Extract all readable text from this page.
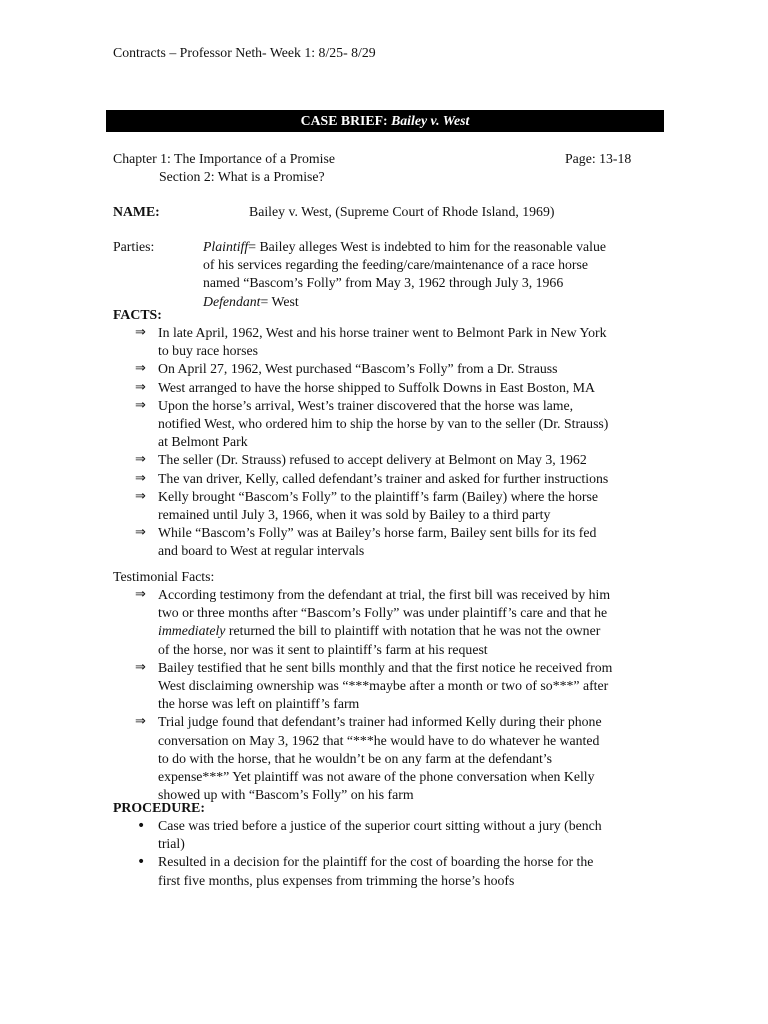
Contracts – Professor Neth- Week 1: 8/25- 8/29
CASE BRIEF: Bailey v. West
Chapter 1: The Importance of a Promise	Page: 13-18
Section 2: What is a Promise?
NAME:	Bailey v. West, (Supreme Court of Rhode Island, 1969)
Parties:	Plaintiff= Bailey alleges West is indebted to him for the reasonable value
of his services regarding the feeding/care/maintenance of a race horse
named “Bascom’s Folly” from May 3, 1962 through July 3, 1966
Defendant= West
FACTS:
⇒ In late April, 1962, West and his horse trainer went to Belmont Park in New York
to buy race horses
⇒ On April 27, 1962, West purchased “Bascom’s Folly” from a Dr. Strauss
⇒ West arranged to have the horse shipped to Suffolk Downs in East Boston, MA
⇒ Upon the horse’s arrival, West’s trainer discovered that the horse was lame,
notified West, who ordered him to ship the horse by van to the seller (Dr. Strauss)
at Belmont Park
⇒ The seller (Dr. Strauss) refused to accept delivery at Belmont on May 3, 1962
⇒ The van driver, Kelly, called defendant’s trainer and asked for further instructions
⇒ Kelly brought “Bascom’s Folly” to the plaintiff’s farm (Bailey) where the horse
remained until July 3, 1966, when it was sold by Bailey to a third party
⇒ While “Bascom’s Folly” was at Bailey’s horse farm, Bailey sent bills for its fed
and board to West at regular intervals
Testimonial Facts:
⇒ According testimony from the defendant at trial, the first bill was received by him
two or three months after “Bascom’s Folly” was under plaintiff’s care and that he
immediately returned the bill to plaintiff with notation that he was not the owner
of the horse, nor was it sent to plaintiff’s farm at his request
⇒ Bailey testified that he sent bills monthly and that the first notice he received from
West disclaiming ownership was “***maybe after a month or two of so***” after
the horse was left on plaintiff’s farm
⇒ Trial judge found that defendant’s trainer had informed Kelly during their phone
conversation on May 3, 1962 that “***he would have to do whatever he wanted
to do with the horse, that he wouldn’t be on any farm at the defendant’s
expense***” Yet plaintiff was not aware of the phone conversation when Kelly
showed up with “Bascom’s Folly” on his farm
PROCEDURE:
• Case was tried before a justice of the superior court sitting without a jury (bench
trial)
• Resulted in a decision for the plaintiff for the cost of boarding the horse for the
first five months, plus expenses from trimming the horse’s hoofs
